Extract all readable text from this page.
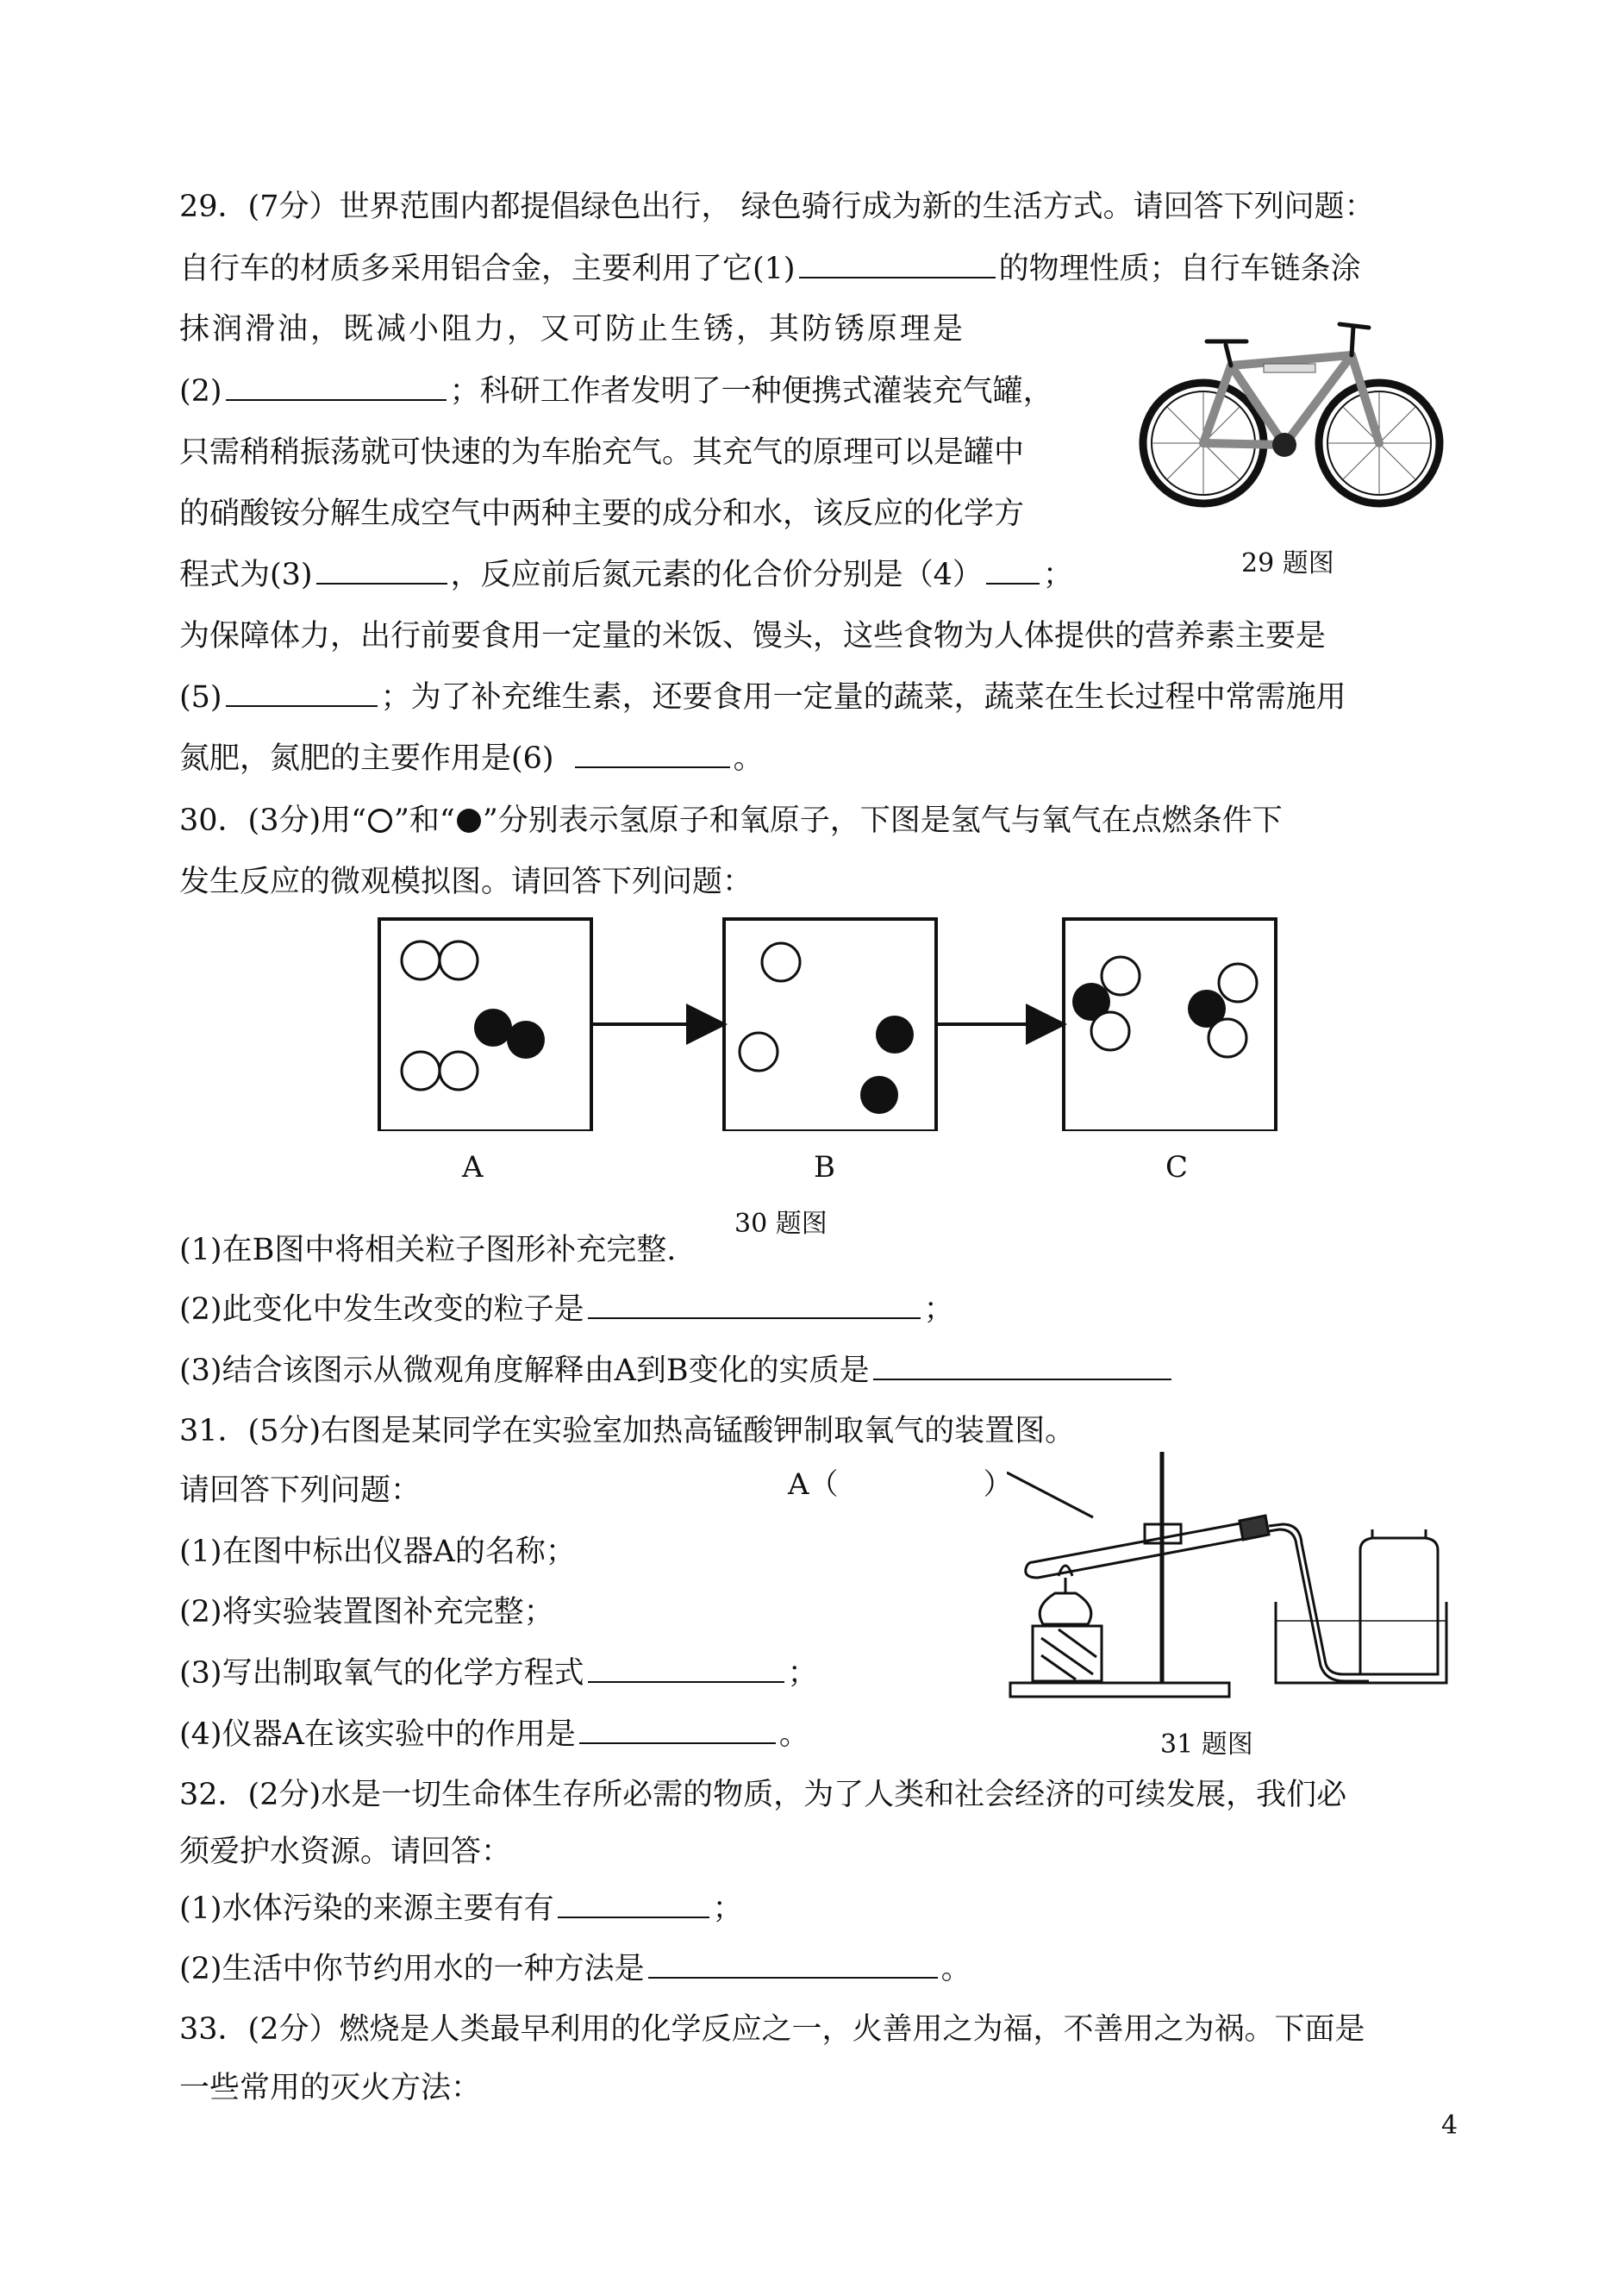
29．(7分）世界范围内都提倡绿色出行， 绿色骑行成为新的生活方式。请回答下列问题：
自行车的材质多采用铝合金，主要利用了它(1)	的物理性质；自行车链条涂
抹润滑油，既减小阻力，又可防止生锈，其防锈原理是
(2)	；科研工作者发明了一种便携式灌装充气罐，
只需稍稍振荡就可快速的为车胎充气。其充气的原理可以是罐中
的硝酸铵分解生成空气中两种主要的成分和水，该反应的化学方
程式为(3)	，反应前后氮元素的化合价分别是（4） ；
为保障体力，出行前要食用一定量的米饭、馒头，这些食物为人体提供的营养素主要是
(5)	；为了补充维生素，还要食用一定量的蔬菜，蔬菜在生长过程中常需施用
氮肥，氮肥的主要作用是(6)	。
29 题图
30．(3分)用“ ”和“ ”分别表示氢原子和氧原子，下图是氢气与氧气在点燃条件下
发生反应的微观模拟图。请回答下列问题：
A	B	C
30 题图
(1)在B图中将相关粒子图形补充完整.
(2)此变化中发生改变的粒子是	；
(3)结合该图示从微观角度解释由A到B变化的实质是
31．(5分)右图是某同学在实验室加热高锰酸钾制取氧气的装置图。
请回答下列问题：
(1)在图中标出仪器A的名称；
(2)将实验装置图补充完整；
(3)写出制取氧气的化学方程式	；
(4)仪器A在该实验中的作用是	。
A（	）
31 题图
32．(2分)水是一切生命体生存所必需的物质，为了人类和社会经济的可续发展，我们必
须爱护水资源。请回答：
(1)水体污染的来源主要有有	；
(2)生活中你节约用水的一种方法是	。
33．(2分）燃烧是人类最早利用的化学反应之一，火善用之为福，不善用之为祸。下面是
一些常用的灭火方法：
4
